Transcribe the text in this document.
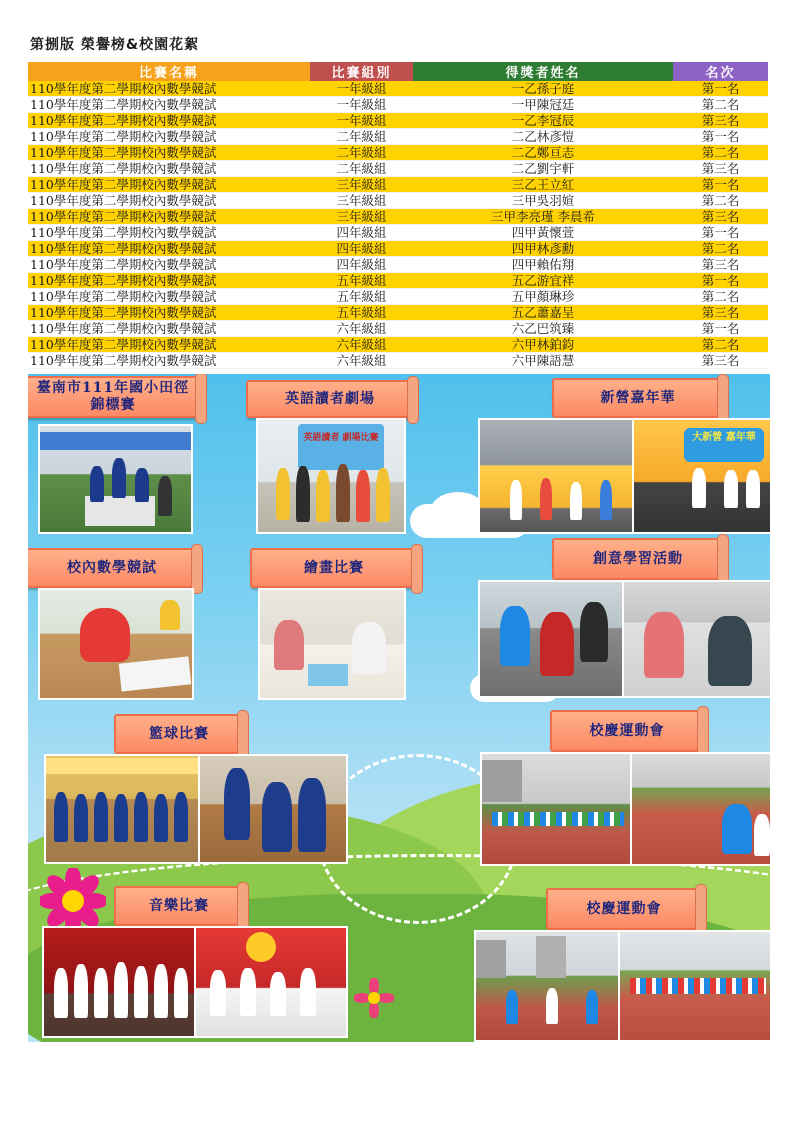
第捌版 榮譽榜&校園花絮
比賽名稱	比賽組別	得獎者姓名	名次
110學年度第二學期校內數學競試	一年級組	一乙孫子庭	第一名
110學年度第二學期校內數學競試	一年級組	一甲陳冠廷	第二名
110學年度第二學期校內數學競試	一年級組	一乙李冠辰	第三名
110學年度第二學期校內數學競試	二年級組	二乙林彥愷	第一名
110學年度第二學期校內數學競試	二年級組	二乙鄭亘志	第二名
110學年度第二學期校內數學競試	二年級組	二乙劉宇軒	第三名
110學年度第二學期校內數學競試	三年級組	三乙王立紅	第一名
110學年度第二學期校內數學競試	三年級組	三甲吳羽媗	第二名
110學年度第二學期校內數學競試	三年級組	三甲李亮瑾 李晨希	第三名
110學年度第二學期校內數學競試	四年級組	四甲黃懷萱	第一名
110學年度第二學期校內數學競試	四年級組	四甲林彥勳	第二名
110學年度第二學期校內數學競試	四年級組	四甲賴佑翔	第三名
110學年度第二學期校內數學競試	五年級組	五乙游宜祥	第一名
110學年度第二學期校內數學競試	五年級組	五甲顏琳珍	第二名
110學年度第二學期校內數學競試	五年級組	五乙蕭嘉呈	第三名
110學年度第二學期校內數學競試	六年級組	六乙巴筑臻	第一名
110學年度第二學期校內數學競試	六年級組	六甲林鉑鈞	第二名
110學年度第二學期校內數學競試	六年級組	六甲陳語慧	第三名
臺南市111年國小田徑錦標賽	英語讀者劇場
英語讀者 劇場比賽
新營嘉年華
大新營 嘉年華
校內數學競試	繪畫比賽
創意學習活動
籃球比賽	校慶運動會
音樂比賽	校慶運動會
